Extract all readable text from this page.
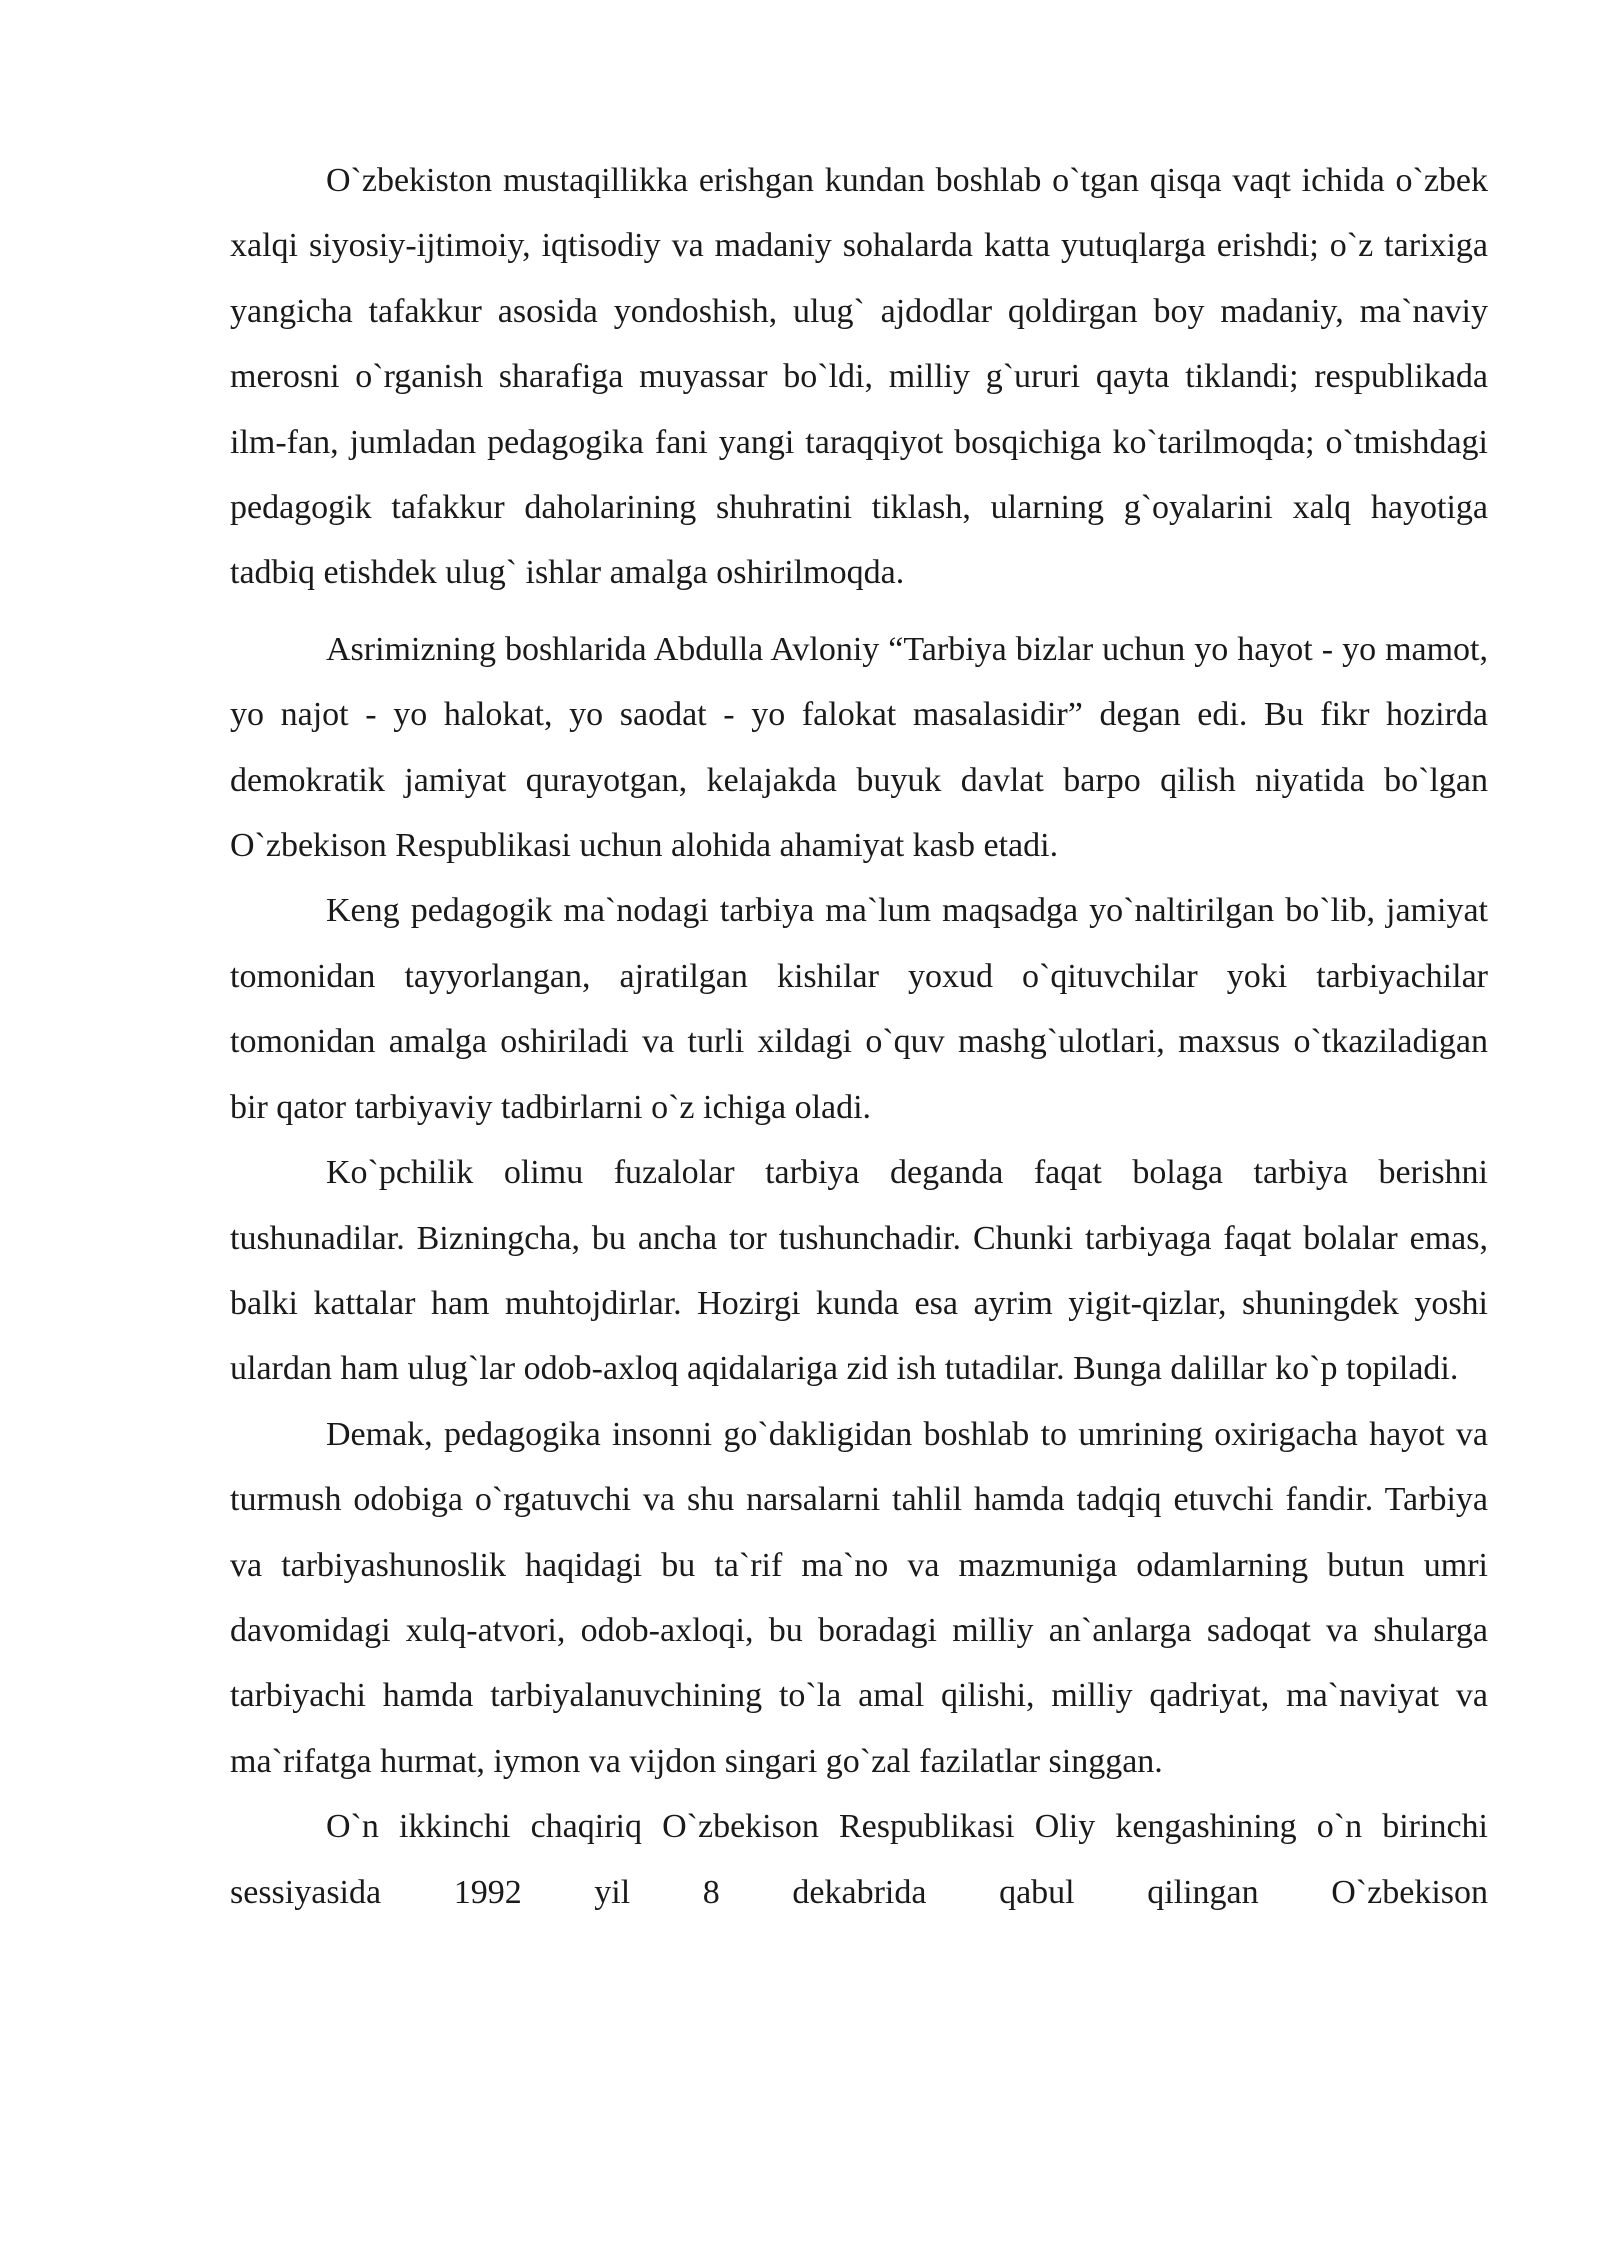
O`zbekiston mustaqillikka erishgan kundan boshlab o`tgan qisqa vaqt ichida o`zbek xalqi siyosiy-ijtimoiy, iqtisodiy va madaniy sohalarda katta yutuqlarga erishdi; o`z tarixiga yangicha tafakkur asosida yondoshish, ulug` ajdodlar qoldirgan boy madaniy, ma`naviy merosni o`rganish sharafiga muyassar bo`ldi, milliy g`ururi qayta tiklandi; respublikada ilm-fan, jumladan pedagogika fani yangi taraqqiyot bosqichiga ko`tarilmoqda; o`tmishdagi pedagogik tafakkur daholarining shuhratini tiklash, ularning g`oyalarini xalq hayotiga tadbiq etishdek ulug` ishlar amalga oshirilmoqda.

Asrimizning boshlarida Abdulla Avloniy “Tarbiya bizlar uchun yo hayot - yo mamot, yo najot - yo halokat, yo saodat - yo falokat masalasidir” degan edi. Bu fikr hozirda demokratik jamiyat qurayotgan, kelajakda buyuk davlat barpo qilish niyatida bo`lgan O`zbekison Respublikasi uchun alohida ahamiyat kasb etadi.

Keng pedagogik ma`nodagi tarbiya ma`lum maqsadga yo`naltirilgan bo`lib, jamiyat tomonidan tayyorlangan, ajratilgan kishilar yoxud o`qituvchilar yoki tarbiyachilar tomonidan amalga oshiriladi va turli xildagi o`quv mashg`ulotlari, maxsus o`tkaziladigan bir qator tarbiyaviy tadbirlarni o`z ichiga oladi.

Ko`pchilik olimu fuzalolar tarbiya deganda faqat bolaga tarbiya berishni tushunadilar. Bizningcha, bu ancha tor tushunchadir. Chunki tarbiyaga faqat bolalar emas, balki kattalar ham muhtojdirlar. Hozirgi kunda esa ayrim yigit-qizlar, shuningdek yoshi ulardan ham ulug`lar odob-axloq aqidalariga zid ish tutadilar. Bunga dalillar ko`p topiladi.

Demak, pedagogika insonni go`dakligidan boshlab to umrining oxirigacha hayot va turmush odobiga o`rgatuvchi va shu narsalarni tahlil hamda tadqiq etuvchi fandir. Tarbiya va tarbiyashunoslik haqidagi bu ta`rif ma`no va mazmuniga odamlarning butun umri davomidagi xulq-atvori, odob-axloqi, bu boradagi milliy an`anlarga sadoqat va shularga tarbiyachi hamda tarbiyalanuvchining to`la amal qilishi, milliy qadriyat, ma`naviyat va ma`rifatga hurmat, iymon va vijdon singari go`zal fazilatlar singgan.

O`n ikkinchi chaqiriq O`zbekison Respublikasi Oliy kengashining o`n birinchi sessiyasida 1992 yil 8 dekabrida qabul qilingan O`zbekison
